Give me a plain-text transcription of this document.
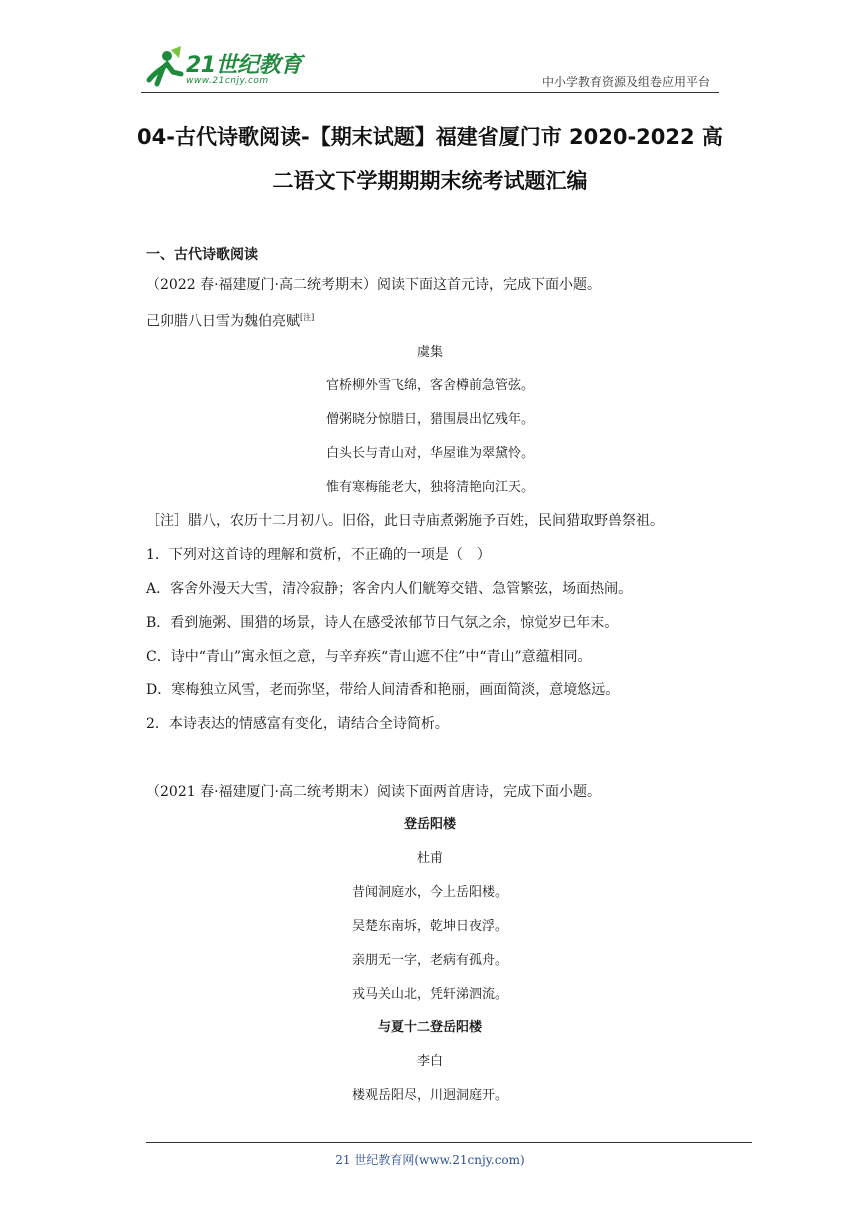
21世纪教育
www.21cnjy.com	中小学教育资源及组卷应用平台
04-古代诗歌阅读-【期末试题】福建省厦门市 2020-2022 高
二语文下学期期期末统考试题汇编
一、古代诗歌阅读
（2022 春·福建厦门·高二统考期末）阅读下面这首元诗，完成下面小题。
己卯腊八日雪为魏伯亮赋[注]
虞集
官桥柳外雪飞绵，客舍樽前急管弦。
僧粥晓分惊腊日，猎围晨出忆残年。
白头长与青山对，华屋谁为翠黛怜。
惟有寒梅能老大，独将清艳向江天。
［注］腊八，农历十二月初八。旧俗，此日寺庙煮粥施予百姓，民间猎取野兽祭祖。
1．下列对这首诗的理解和赏析，不正确的一项是（　）
A．客舍外漫天大雪，清冷寂静；客舍内人们觥筹交错、急管繁弦，场面热闹。
B．看到施粥、围猎的场景，诗人在感受浓郁节日气氛之余，惊觉岁已年末。
C．诗中“青山”寓永恒之意，与辛弃疾“青山遮不住”中“青山”意蕴相同。
D．寒梅独立风雪，老而弥坚，带给人间清香和艳丽，画面简淡，意境悠远。
2．本诗表达的情感富有变化，请结合全诗简析。
（2021 春·福建厦门·高二统考期末）阅读下面两首唐诗，完成下面小题。
登岳阳楼
杜甫
昔闻洞庭水，今上岳阳楼。
吴楚东南坼，乾坤日夜浮。
亲朋无一字，老病有孤舟。
戎马关山北，凭轩涕泗流。
与夏十二登岳阳楼
李白
楼观岳阳尽，川迥洞庭开。
21 世纪教育网(www.21cnjy.com)
